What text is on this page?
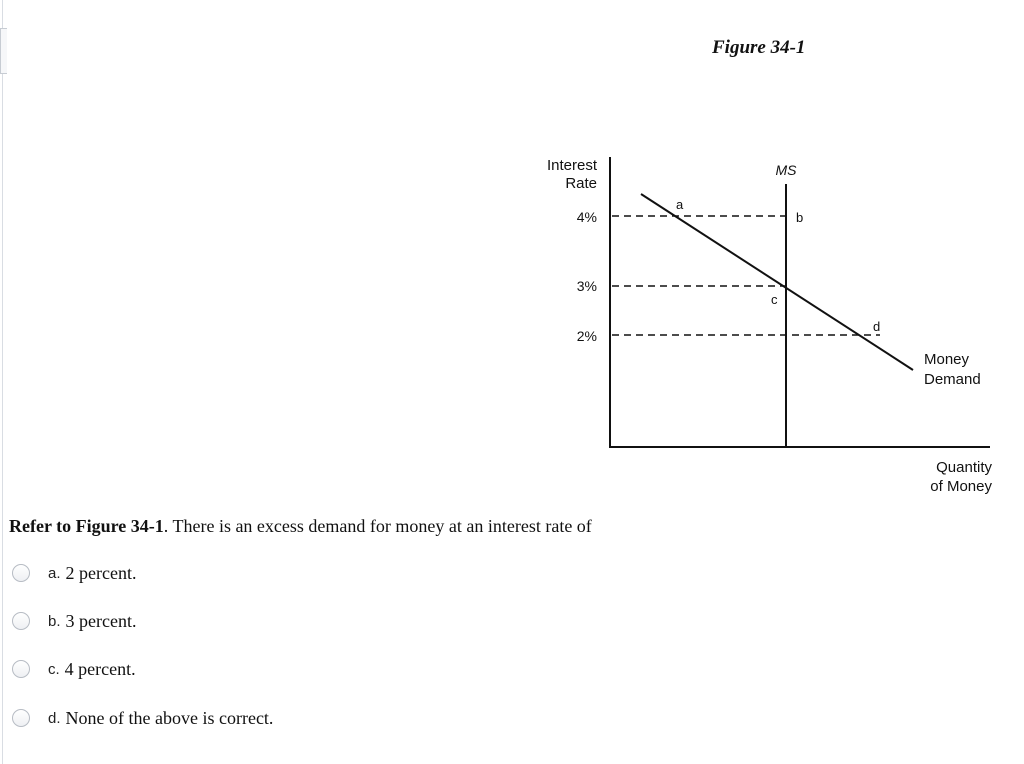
Figure 34-1
Interest
Rate
4%
3%
2%
MS
Money
Demand
a
b
c
d
Quantity
of Money
Refer to Figure 34-1. There is an excess demand for money at an interest rate of
a. 2 percent.
b. 3 percent.
c. 4 percent.
d. None of the above is correct.
